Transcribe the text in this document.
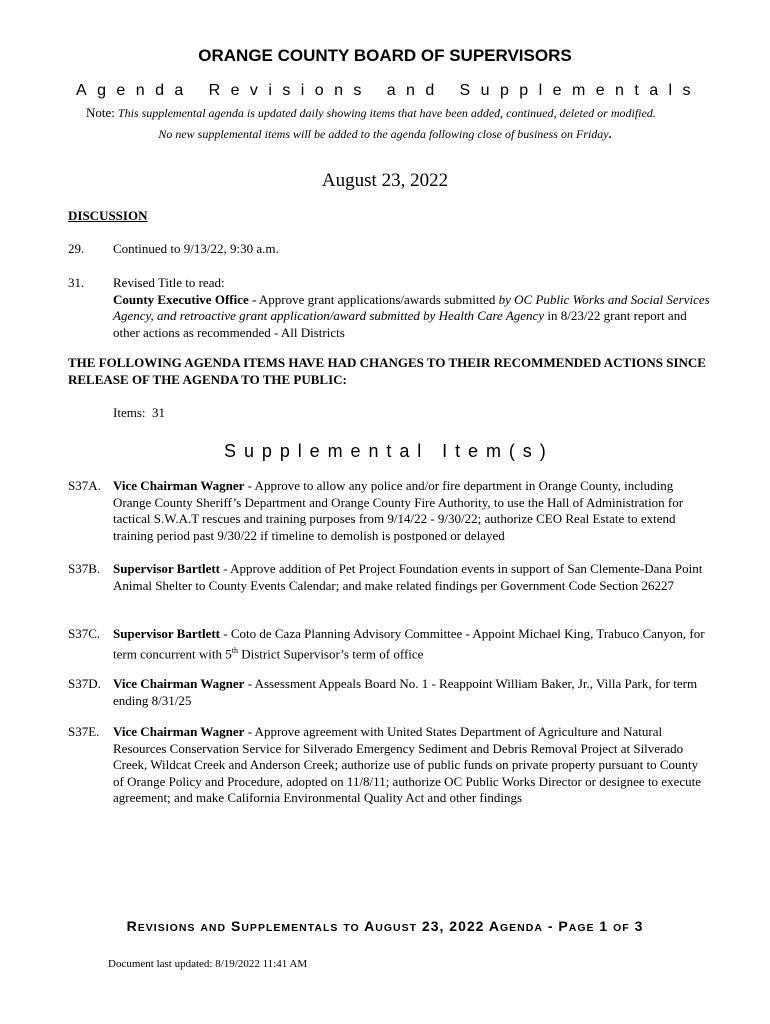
ORANGE COUNTY BOARD OF SUPERVISORS
A g e n d a
R e v i s i o n s
a n d
S u p p l e m e n t a l s
Note: This supplemental agenda is updated daily showing items that have been added, continued, deleted or modified.
No new supplemental items will be added to the agenda following close of business on Friday.
August 23, 2022
DISCUSSION
29. Continued to 9/13/22, 9:30 a.m.
31. Revised Title to read:
County Executive Office - Approve grant applications/awards submitted by OC Public Works and Social Services Agency, and retroactive grant application/award submitted by Health Care Agency in 8/23/22 grant report and other actions as recommended - All Districts
THE FOLLOWING AGENDA ITEMS HAVE HAD CHANGES TO THEIR RECOMMENDED ACTIONS SINCE RELEASE OF THE AGENDA TO THE PUBLIC:
Items: 31
S u p p l e m e n t a l
I t e m ( s )
S37A. Vice Chairman Wagner - Approve to allow any police and/or fire department in Orange County, including Orange County Sheriff’s Department and Orange County Fire Authority, to use the Hall of Administration for tactical S.W.A.T rescues and training purposes from 9/14/22 - 9/30/22; authorize CEO Real Estate to extend training period past 9/30/22 if timeline to demolish is postponed or delayed
S37B. Supervisor Bartlett - Approve addition of Pet Project Foundation events in support of San Clemente-Dana Point Animal Shelter to County Events Calendar; and make related findings per Government Code Section 26227
S37C. Supervisor Bartlett - Coto de Caza Planning Advisory Committee - Appoint Michael King, Trabuco Canyon, for term concurrent with 5th District Supervisor’s term of office
S37D. Vice Chairman Wagner - Assessment Appeals Board No. 1 - Reappoint William Baker, Jr., Villa Park, for term ending 8/31/25
S37E. Vice Chairman Wagner - Approve agreement with United States Department of Agriculture and Natural Resources Conservation Service for Silverado Emergency Sediment and Debris Removal Project at Silverado Creek, Wildcat Creek and Anderson Creek; authorize use of public funds on private property pursuant to County of Orange Policy and Procedure, adopted on 11/8/11; authorize OC Public Works Director or designee to execute agreement; and make California Environmental Quality Act and other findings
REVISIONS AND SUPPLEMENTALS TO AUGUST 23, 2022 AGENDA - PAGE 1 OF 3
Document last updated: 8/19/2022 11:41 AM
